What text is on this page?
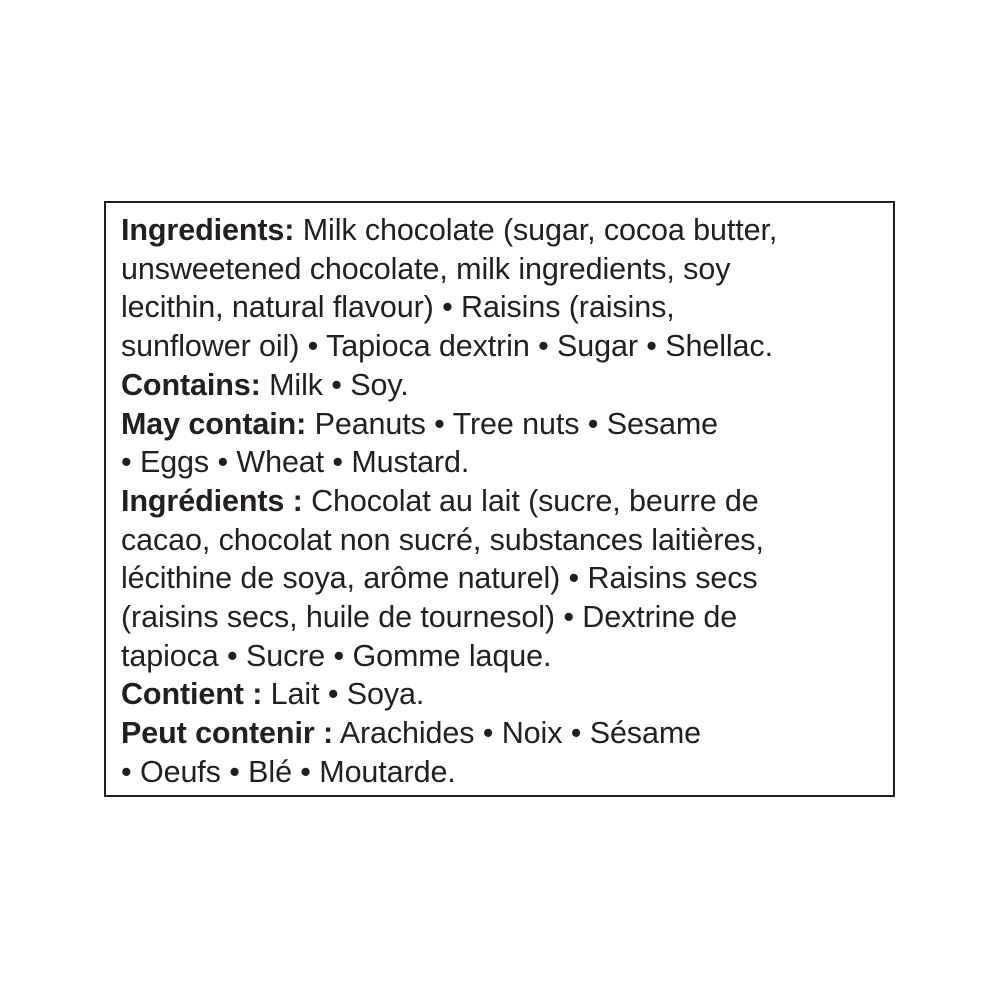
Ingredients: Milk chocolate (sugar, cocoa butter,
unsweetened chocolate, milk ingredients, soy
lecithin, natural flavour) • Raisins (raisins,
sunflower oil) • Tapioca dextrin • Sugar • Shellac.
Contains: Milk • Soy.
May contain: Peanuts • Tree nuts • Sesame
• Eggs • Wheat • Mustard.
Ingrédients : Chocolat au lait (sucre, beurre de
cacao, chocolat non sucré, substances laitières,
lécithine de soya, arôme naturel) • Raisins secs
(raisins secs, huile de tournesol) • Dextrine de
tapioca • Sucre • Gomme laque.
Contient : Lait • Soya.
Peut contenir : Arachides • Noix • Sésame
• Oeufs • Blé • Moutarde.
